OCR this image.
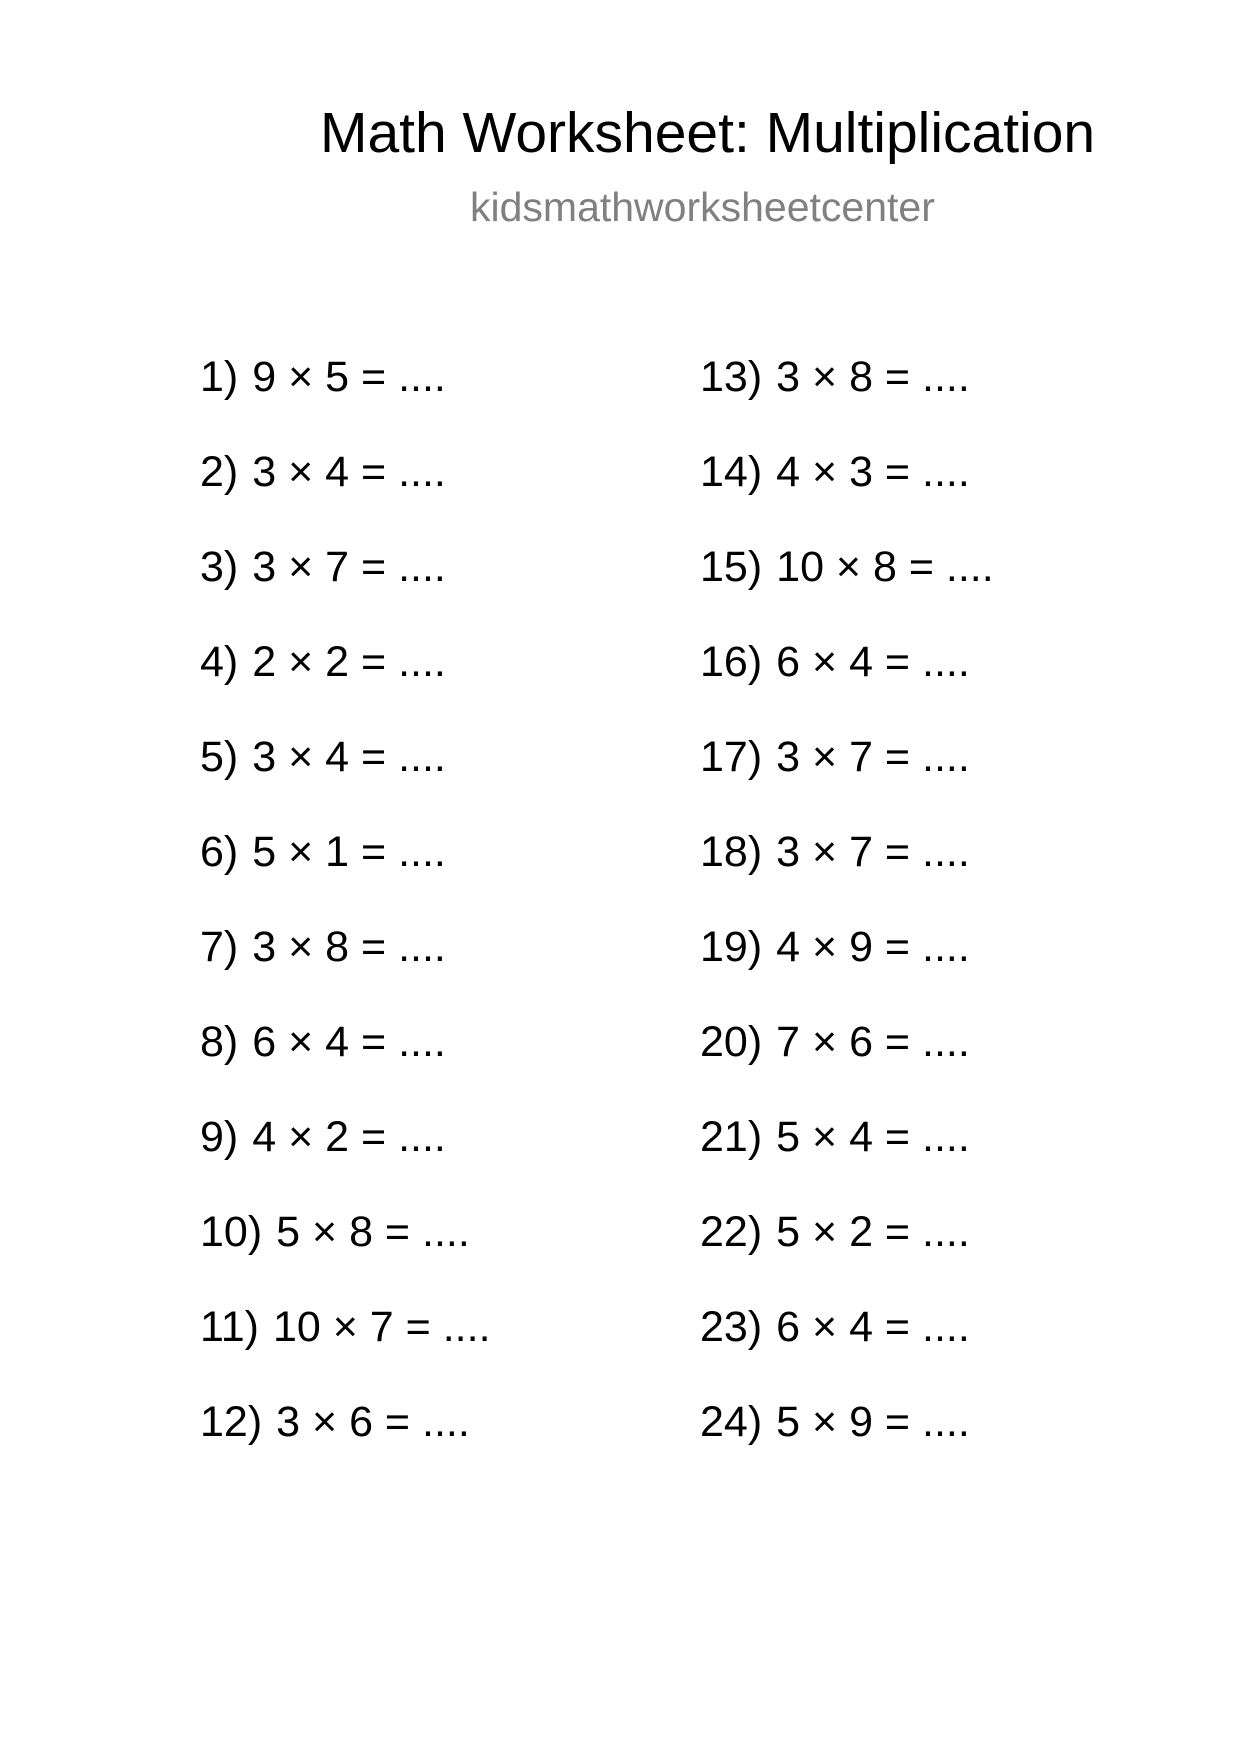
Math Worksheet: Multiplication
kidsmathworksheetcenter
1) 9 × 5 = ....
2) 3 × 4 = ....
3) 3 × 7 = ....
4) 2 × 2 = ....
5) 3 × 4 = ....
6) 5 × 1 = ....
7) 3 × 8 = ....
8) 6 × 4 = ....
9) 4 × 2 = ....
10) 5 × 8 = ....
11) 10 × 7 = ....
12) 3 × 6 = ....
13) 3 × 8 = ....
14) 4 × 3 = ....
15) 10 × 8 = ....
16) 6 × 4 = ....
17) 3 × 7 = ....
18) 3 × 7 = ....
19) 4 × 9 = ....
20) 7 × 6 = ....
21) 5 × 4 = ....
22) 5 × 2 = ....
23) 6 × 4 = ....
24) 5 × 9 = ....
